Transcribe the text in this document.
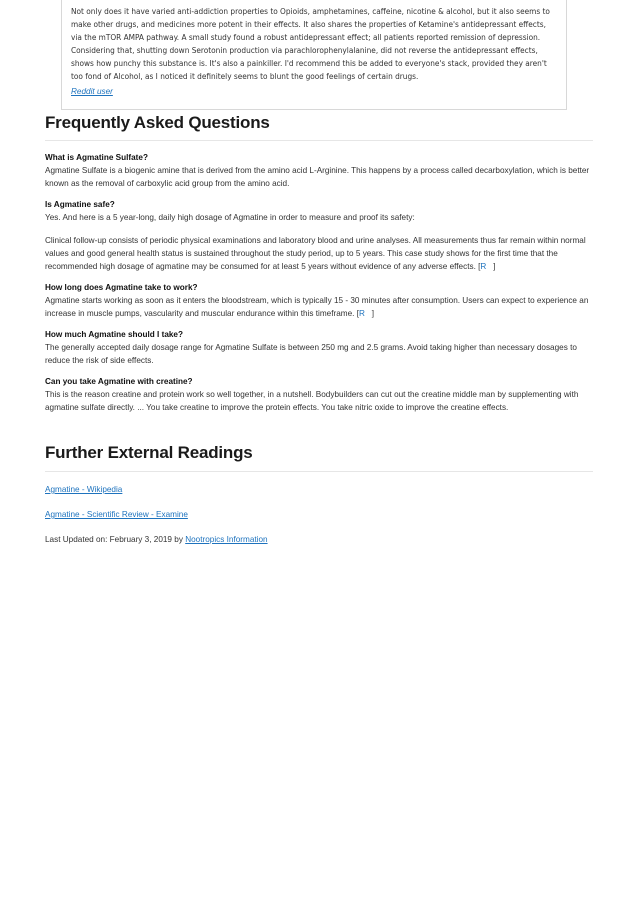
Not only does it have varied anti-addiction properties to Opioids, amphetamines, caffeine, nicotine & alcohol, but it also seems to make other drugs, and medicines more potent in their effects. It also shares the properties of Ketamine's antidepressant effects, via the mTOR AMPA pathway. A small study found a robust antidepressant effect; all patients reported remission of depression. Considering that, shutting down Serotonin production via parachlorophenylalanine, did not reverse the antidepressant effects, shows how punchy this substance is. It's also a painkiller. I'd recommend this be added to everyone's stack, provided they aren't too fond of Alcohol, as I noticed it definitely seems to blunt the good feelings of certain drugs.

Reddit user
Frequently Asked Questions

What is Agmatine Sulfate?

Agmatine Sulfate is a biogenic amine that is derived from the amino acid L-Arginine. This happens by a process called decarboxylation, which is better known as the removal of carboxylic acid group from the amino acid.

Is Agmatine safe?

Yes. And here is a 5 year-long, daily high dosage of Agmatine in order to measure and proof its safety:

Clinical follow-up consists of periodic physical examinations and laboratory blood and urine analyses. All measurements thus far remain within normal values and good general health status is sustained throughout the study period, up to 5 years. This case study shows for the first time that the recommended high dosage of agmatine may be consumed for at least 5 years without evidence of any adverse effects. [R ]

How long does Agmatine take to work?

Agmatine starts working as soon as it enters the bloodstream, which is typically 15 - 30 minutes after consumption. Users can expect to experience an increase in muscle pumps, vascularity and muscular endurance within this timeframe. [R ]

How much Agmatine should I take?

The generally accepted daily dosage range for Agmatine Sulfate is between 250 mg and 2.5 grams. Avoid taking higher than necessary dosages to reduce the risk of side effects.

Can you take Agmatine with creatine?

This is the reason creatine and protein work so well together, in a nutshell. Bodybuilders can cut out the creatine middle man by supplementing with agmatine sulfate directly. ... You take creatine to improve the protein effects. You take nitric oxide to improve the creatine effects.

Further External Readings

Agmatine - Wikipedia

Agmatine - Scientific Review - Examine

Last Updated on: February 3, 2019 by Nootropics Information
